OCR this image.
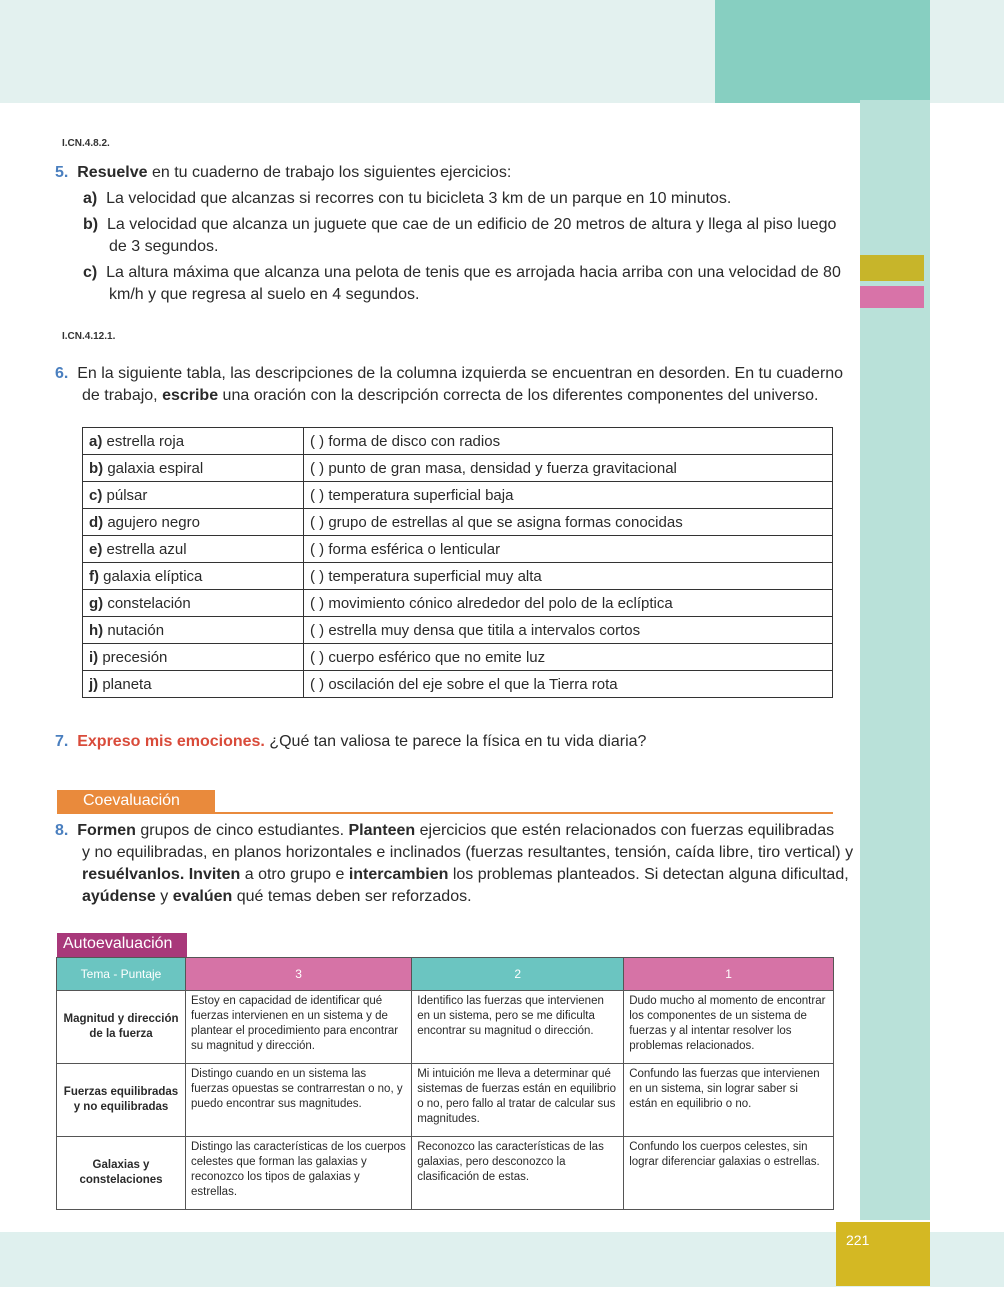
I.CN.4.8.2.
5. Resuelve en tu cuaderno de trabajo los siguientes ejercicios:
a) La velocidad que alcanzas si recorres con tu bicicleta 3 km de un parque en 10 minutos.
b) La velocidad que alcanza un juguete que cae de un edificio de 20 metros de altura y llega al piso luego
de 3 segundos.
c) La altura máxima que alcanza una pelota de tenis que es arrojada hacia arriba con una velocidad de 80
km/h y que regresa al suelo en 4 segundos.
I.CN.4.12.1.
6. En la siguiente tabla, las descripciones de la columna izquierda se encuentran en desorden. En tu cuaderno
de trabajo, escribe una oración con la descripción correcta de los diferentes componentes del universo.
a) estrella roja	( ) forma de disco con radios
b) galaxia espiral	( ) punto de gran masa, densidad y fuerza gravitacional
c) púlsar	( ) temperatura superficial baja
d) agujero negro	( ) grupo de estrellas al que se asigna formas conocidas
e) estrella azul	( ) forma esférica o lenticular
f) galaxia elíptica	( ) temperatura superficial muy alta
g) constelación	( ) movimiento cónico alrededor del polo de la eclíptica
h) nutación	( ) estrella muy densa que titila a intervalos cortos
i) precesión	( ) cuerpo esférico que no emite luz
j) planeta	( ) oscilación del eje sobre el que la Tierra rota
7. Expreso mis emociones. ¿Qué tan valiosa te parece la física en tu vida diaria?
Coevaluación
8. Formen grupos de cinco estudiantes. Planteen ejercicios que estén relacionados con fuerzas equilibradas
y no equilibradas, en planos horizontales e inclinados (fuerzas resultantes, tensión, caída libre, tiro vertical) y
resuélvanlos. Inviten a otro grupo e intercambien los problemas planteados. Si detectan alguna dificultad,
ayúdense y evalúen qué temas deben ser reforzados.
Autoevaluación
Tema - Puntaje	3	2	1
Magnitud y dirección de la fuerza	Estoy en capacidad de identificar qué fuerzas intervienen en un sistema y de plantear el procedimiento para encontrar su magnitud y dirección.	Identifico las fuerzas que intervienen en un sistema, pero se me dificulta encontrar su magnitud o dirección.	Dudo mucho al momento de encontrar los componentes de un sistema de fuerzas y al intentar resolver los problemas relacionados.
Fuerzas equilibradas y no equilibradas	Distingo cuando en un sistema las fuerzas opuestas se contrarrestan o no, y puedo encontrar sus magnitudes.	Mi intuición me lleva a determinar qué sistemas de fuerzas están en equilibrio o no, pero fallo al tratar de calcular sus magnitudes.	Confundo las fuerzas que intervienen en un sistema, sin lograr saber si están en equilibrio o no.
Galaxias y constelaciones	Distingo las características de los cuerpos celestes que forman las galaxias y reconozco los tipos de galaxias y estrellas.	Reconozco las características de las galaxias, pero desconozco la clasificación de estas.	Confundo los cuerpos celestes, sin lograr diferenciar galaxias o estrellas.
221
